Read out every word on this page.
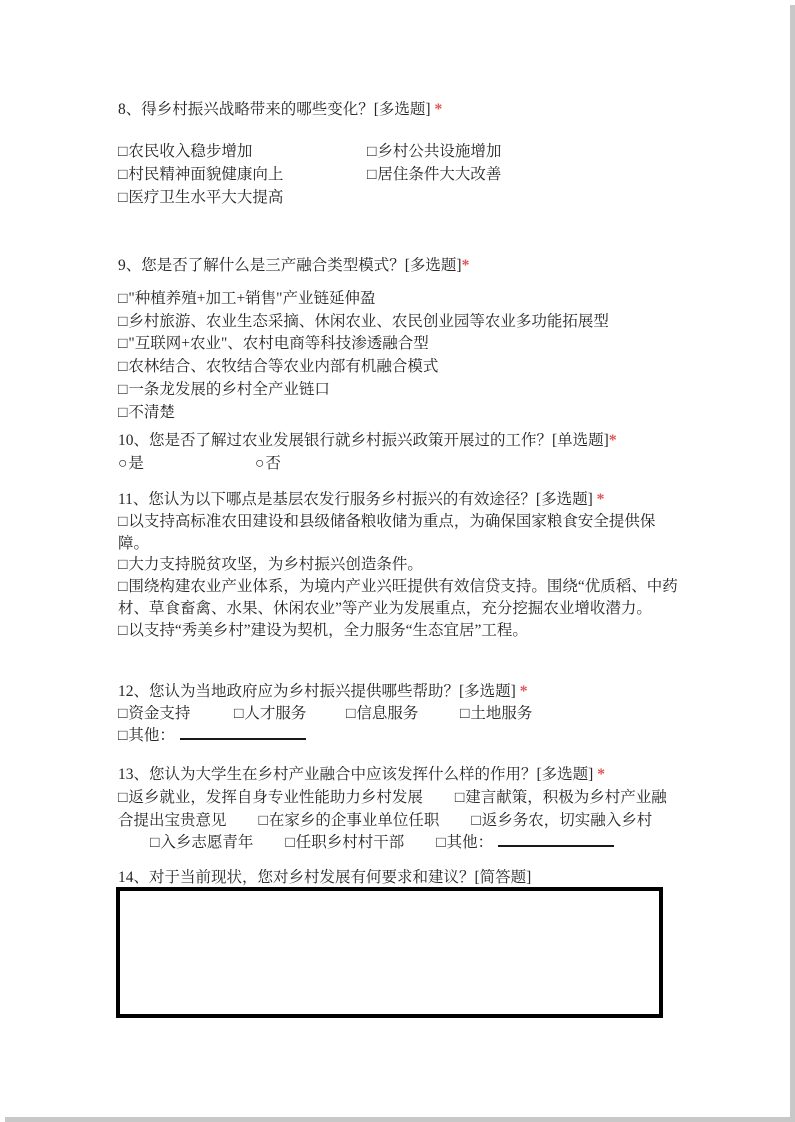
8、得乡村振兴战略带来的哪些变化？[多选题] *
□农民收入稳步增加	□乡村公共设施增加
□村民精神面貌健康向上	□居住条件大大改善
□医疗卫生水平大大提高
9、您是否了解什么是三产融合类型模式？[多选题]*
□"种植养殖+加工+销售"产业链延伸盈
□乡村旅游、农业生态采摘、休闲农业、农民创业园等农业多功能拓展型
□"互联网+农业"、农村电商等科技渗透融合型
□农林结合、农牧结合等农业内部有机融合模式
□一条龙发展的乡村全产业链口
□不清楚
10、您是否了解过农业发展银行就乡村振兴政策开展过的工作？[单选题]*
○是	○否
11、您认为以下哪点是基层农发行服务乡村振兴的有效途径？[多选题] *
□以支持高标准农田建设和县级储备粮收储为重点，为确保国家粮食安全提供保障。
□大力支持脱贫攻坚，为乡村振兴创造条件。
□围绕构建农业产业体系，为境内产业兴旺提供有效信贷支持。围绕“优质稻、中药材、草食畜禽、水果、休闲农业”等产业为发展重点，充分挖掘农业增收潜力。
□以支持“秀美乡村”建设为契机，全力服务“生态宜居”工程。
12、您认为当地政府应为乡村振兴提供哪些帮助？[多选题] *
□资金支持	□人才服务	□信息服务	□土地服务
□其他：
13、您认为大学生在乡村产业融合中应该发挥什么样的作用？[多选题] *
□返乡就业，发挥自身专业性能助力乡村发展 □建言献策，积极为乡村产业融合提出宝贵意见 □在家乡的企事业单位任职 □返乡务农，切实融入乡村□入乡志愿青年 □任职乡村村干部 □其他：
14、对于当前现状，您对乡村发展有何要求和建议？[简答题]
